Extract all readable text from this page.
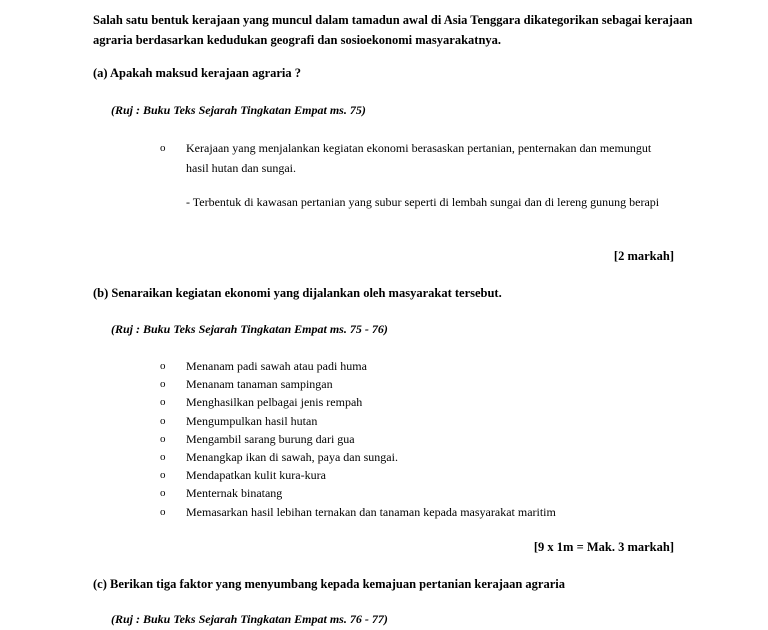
Salah satu bentuk kerajaan yang muncul dalam tamadun awal di Asia Tenggara dikategorikan sebagai kerajaan agraria berdasarkan kedudukan geografi dan sosioekonomi masyarakatnya.
(a) Apakah maksud kerajaan agraria ?
(Ruj : Buku Teks Sejarah Tingkatan Empat ms. 75)
o	Kerajaan yang menjalankan kegiatan ekonomi berasaskan pertanian, penternakan dan memungut hasil hutan dan sungai.
- Terbentuk di kawasan pertanian yang subur seperti di lembah sungai dan di lereng gunung berapi
[2 markah]
(b) Senaraikan kegiatan ekonomi yang dijalankan oleh masyarakat tersebut.
(Ruj : Buku Teks Sejarah Tingkatan Empat ms. 75 - 76)
o	Menanam padi sawah atau padi huma
o	Menanam tanaman sampingan
o	Menghasilkan pelbagai jenis rempah
o	Mengumpulkan hasil hutan
o	Mengambil sarang burung dari gua
o	Menangkap ikan di sawah, paya dan sungai.
o	Mendapatkan kulit kura-kura
o	Menternak binatang
o	Memasarkan hasil lebihan ternakan dan tanaman kepada masyarakat maritim
[9 x 1m = Mak. 3 markah]
(c) Berikan tiga faktor yang menyumbang kepada kemajuan pertanian kerajaan agraria
(Ruj : Buku Teks Sejarah Tingkatan Empat ms. 76 - 77)
